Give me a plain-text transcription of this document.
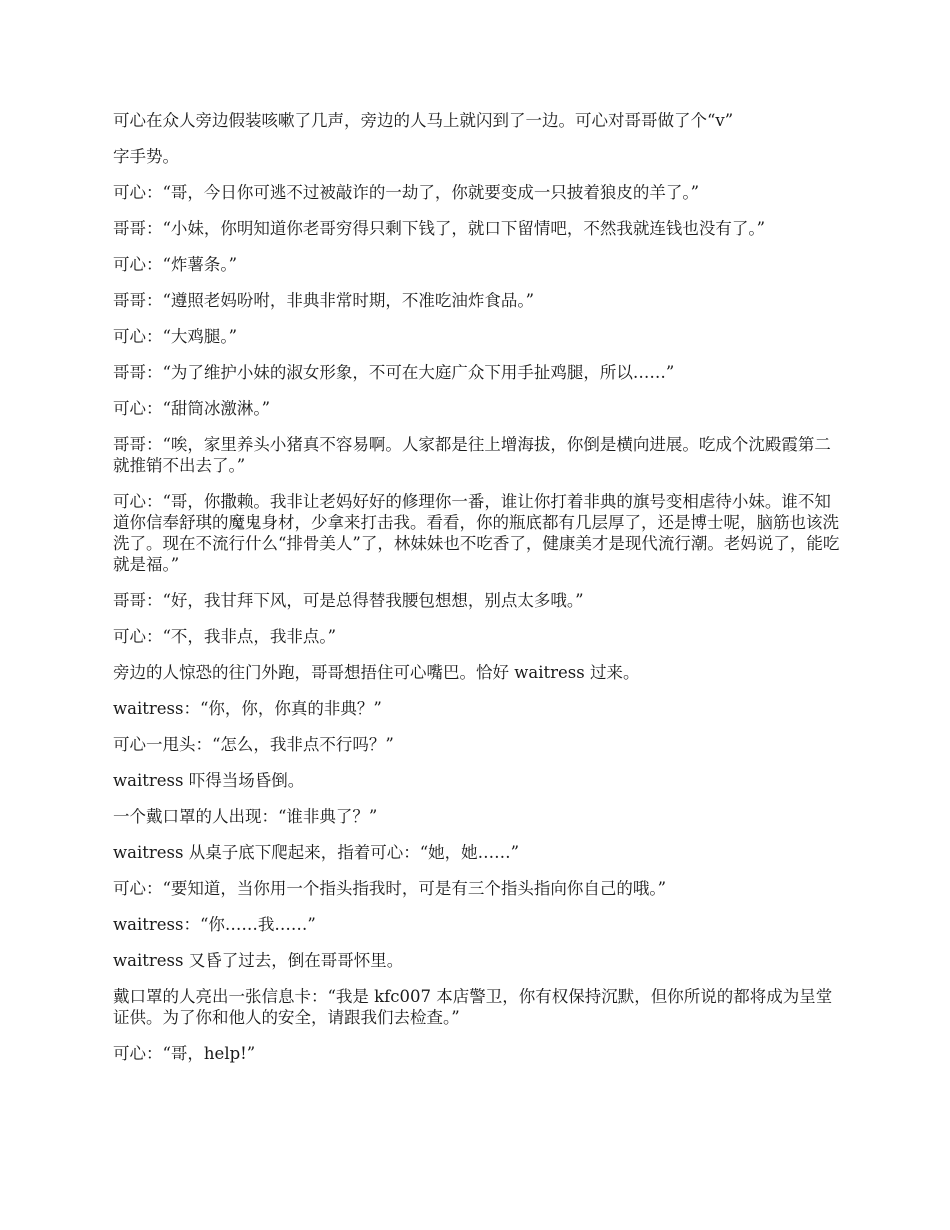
可心在众人旁边假装咳嗽了几声，旁边的人马上就闪到了一边。可心对哥哥做了个“v”

字手势。

可心：“哥，今日你可逃不过被敲诈的一劫了，你就要变成一只披着狼皮的羊了。”

哥哥：“小妹，你明知道你老哥穷得只剩下钱了，就口下留情吧，不然我就连钱也没有了。”

可心：“炸薯条。”

哥哥：“遵照老妈吩咐，非典非常时期，不准吃油炸食品。”

可心：“大鸡腿。”

哥哥：“为了维护小妹的淑女形象，不可在大庭广众下用手扯鸡腿，所以……”

可心：“甜筒冰激淋。”

哥哥：“唉，家里养头小猪真不容易啊。人家都是往上增海拔，你倒是横向进展。吃成个沈殿霞第二就推销不出去了。”

可心：“哥，你撒赖。我非让老妈好好的修理你一番，谁让你打着非典的旗号变相虐待小妹。谁不知道你信奉舒琪的魔鬼身材，少拿来打击我。看看，你的瓶底都有几层厚了，还是博士呢，脑筋也该洗洗了。现在不流行什么“排骨美人”了，林妹妹也不吃香了，健康美才是现代流行潮。老妈说了，能吃就是福。”

哥哥：“好，我甘拜下风，可是总得替我腰包想想，别点太多哦。”

可心：“不，我非点，我非点。”

旁边的人惊恐的往门外跑，哥哥想捂住可心嘴巴。恰好 waitress 过来。

waitress：“你，你，你真的非典？”

可心一甩头：“怎么，我非点不行吗？”

waitress 吓得当场昏倒。

一个戴口罩的人出现：“谁非典了？”

waitress 从桌子底下爬起来，指着可心：“她，她……”

可心：“要知道，当你用一个指头指我时，可是有三个指头指向你自己的哦。”

waitress：“你……我……”

waitress 又昏了过去，倒在哥哥怀里。

戴口罩的人亮出一张信息卡：“我是 kfc007 本店警卫，你有权保持沉默，但你所说的都将成为呈堂证供。为了你和他人的安全，请跟我们去检查。”

可心：“哥，help!”
